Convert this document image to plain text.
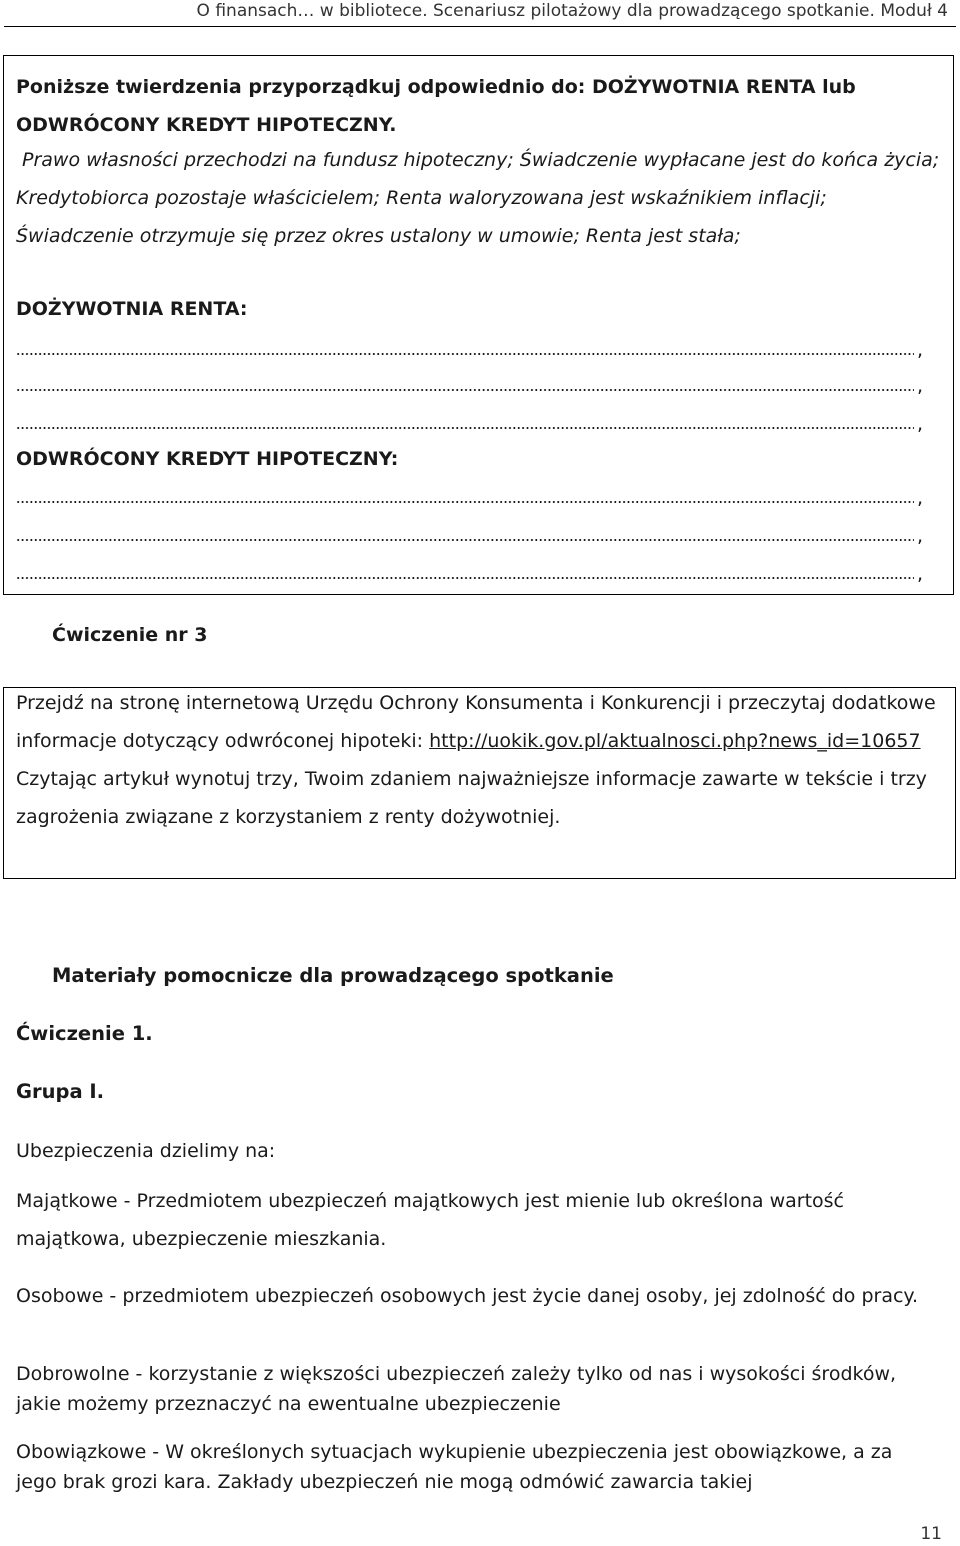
O finansach… w bibliotece. Scenariusz pilotażowy dla prowadzącego spotkanie. Moduł 4
Poniższe twierdzenia przyporządkuj odpowiednio do: DOŻYWOTNIA RENTA lub ODWRÓCONY KREDYT HIPOTECZNY.
Prawo własności przechodzi na fundusz hipoteczny; Świadczenie wypłacane jest do końca życia; Kredytobiorca pozostaje właścicielem; Renta waloryzowana jest wskaźnikiem inflacji; Świadczenie otrzymuje się przez okres ustalony w umowie; Renta jest stała;
DOŻYWOTNIA RENTA:
,
,
,
ODWRÓCONY KREDYT HIPOTECZNY:
,
,
,
Ćwiczenie nr 3
Przejdź na stronę internetową Urzędu Ochrony Konsumenta i Konkurencji i przeczytaj dodatkowe informacje dotyczący odwróconej hipoteki: http://uokik.gov.pl/aktualnosci.php?news_id=10657   Czytając artykuł wynotuj trzy, Twoim zdaniem najważniejsze informacje zawarte w tekście i trzy zagrożenia związane z korzystaniem z renty dożywotniej.
Materiały pomocnicze dla prowadzącego spotkanie
Ćwiczenie 1.
Grupa I.
Ubezpieczenia dzielimy na:
Majątkowe - Przedmiotem ubezpieczeń majątkowych jest mienie lub określona wartość majątkowa, ubezpieczenie mieszkania.
Osobowe - przedmiotem ubezpieczeń osobowych jest życie danej osoby, jej zdolność do pracy.
Dobrowolne - korzystanie z większości ubezpieczeń zależy tylko od nas i wysokości środków, jakie możemy przeznaczyć na ewentualne ubezpieczenie
Obowiązkowe - W określonych sytuacjach wykupienie ubezpieczenia jest obowiązkowe, a za jego brak grozi kara. Zakłady ubezpieczeń nie mogą odmówić zawarcia takiej
11
